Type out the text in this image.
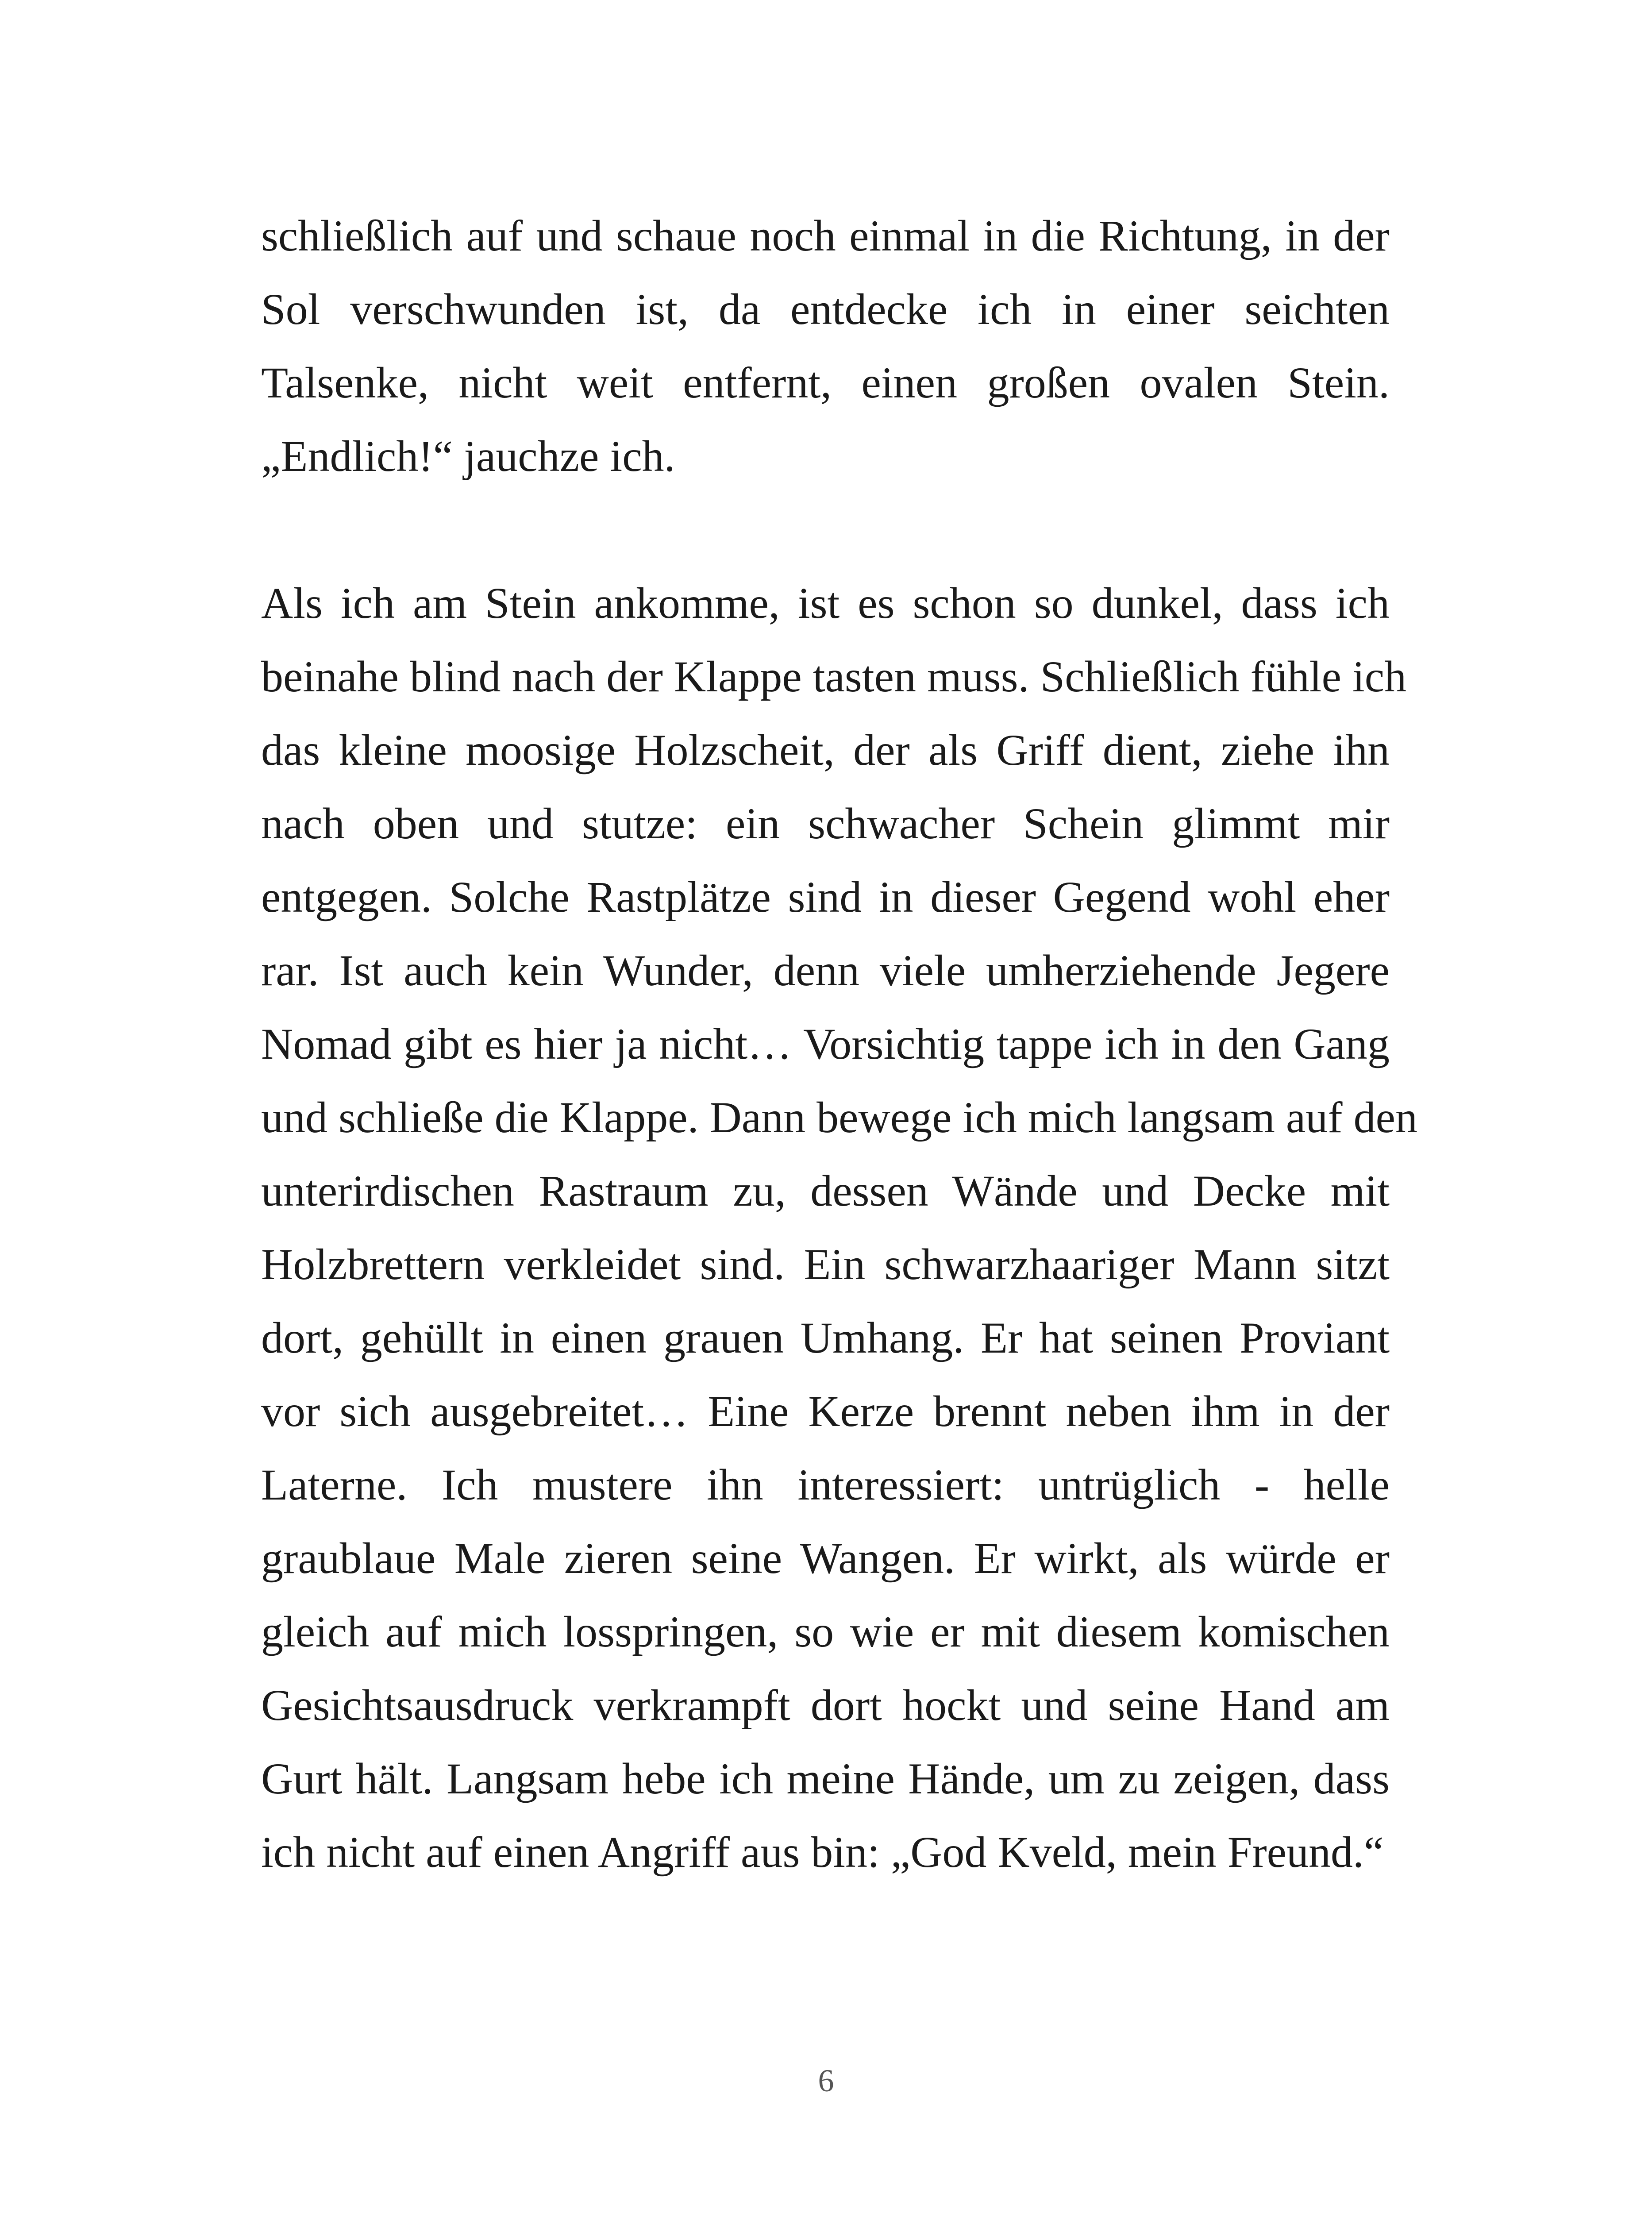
schließlich auf und schaue noch einmal in die Richtung, in der
Sol verschwunden ist, da entdecke ich in einer seichten
Talsenke, nicht weit entfernt, einen großen ovalen Stein.
„Endlich!“ jauchze ich.
Als ich am Stein ankomme, ist es schon so dunkel, dass ich
beinahe blind nach der Klappe tasten muss. Schließlich fühle ich
das kleine moosige Holzscheit, der als Griff dient, ziehe ihn
nach oben und stutze: ein schwacher Schein glimmt mir
entgegen. Solche Rastplätze sind in dieser Gegend wohl eher
rar. Ist auch kein Wunder, denn viele umherziehende Jegere
Nomad gibt es hier ja nicht… Vorsichtig tappe ich in den Gang
und schließe die Klappe. Dann bewege ich mich langsam auf den
unterirdischen Rastraum zu, dessen Wände und Decke mit
Holzbrettern verkleidet sind. Ein schwarzhaariger Mann sitzt
dort, gehüllt in einen grauen Umhang. Er hat seinen Proviant
vor sich ausgebreitet… Eine Kerze brennt neben ihm in der
Laterne. Ich mustere ihn interessiert: untrüglich - helle
graublaue Male zieren seine Wangen. Er wirkt, als würde er
gleich auf mich losspringen, so wie er mit diesem komischen
Gesichtsausdruck verkrampft dort hockt und seine Hand am
Gurt hält. Langsam hebe ich meine Hände, um zu zeigen, dass
ich nicht auf einen Angriff aus bin: „God Kveld, mein Freund.“
6
